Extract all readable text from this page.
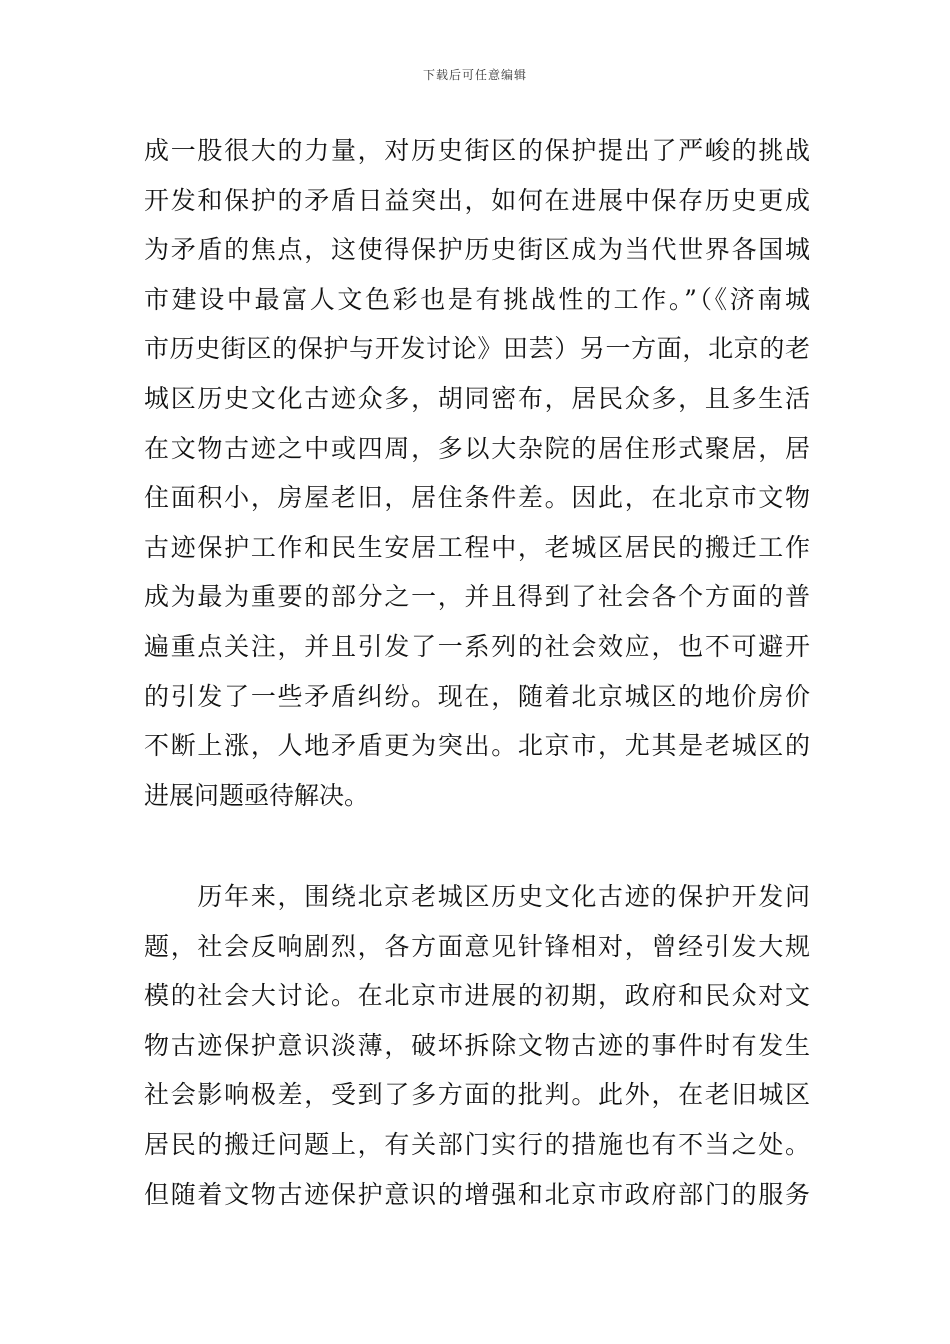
下载后可任意编辑
成一股很大的力量，对历史街区的保护提出了严峻的挑战
开发和保护的矛盾日益突出，如何在进展中保存历史更成
为矛盾的焦点，这使得保护历史街区成为当代世界各国城
市建设中最富人文色彩也是有挑战性的工作。”（《济南城
市历史街区的保护与开发讨论》田芸）另一方面，北京的老
城区历史文化古迹众多，胡同密布，居民众多，且多生活
在文物古迹之中或四周，多以大杂院的居住形式聚居，居
住面积小，房屋老旧，居住条件差。因此，在北京市文物
古迹保护工作和民生安居工程中，老城区居民的搬迁工作
成为最为重要的部分之一，并且得到了社会各个方面的普
遍重点关注，并且引发了一系列的社会效应，也不可避开
的引发了一些矛盾纠纷。现在，随着北京城区的地价房价
不断上涨，人地矛盾更为突出。北京市，尤其是老城区的
进展问题亟待解决。
　　历年来，围绕北京老城区历史文化古迹的保护开发问
题，社会反响剧烈，各方面意见针锋相对，曾经引发大规
模的社会大讨论。在北京市进展的初期，政府和民众对文
物古迹保护意识淡薄，破坏拆除文物古迹的事件时有发生
社会影响极差，受到了多方面的批判。此外，在老旧城区
居民的搬迁问题上，有关部门实行的措施也有不当之处。
但随着文物古迹保护意识的增强和北京市政府部门的服务
